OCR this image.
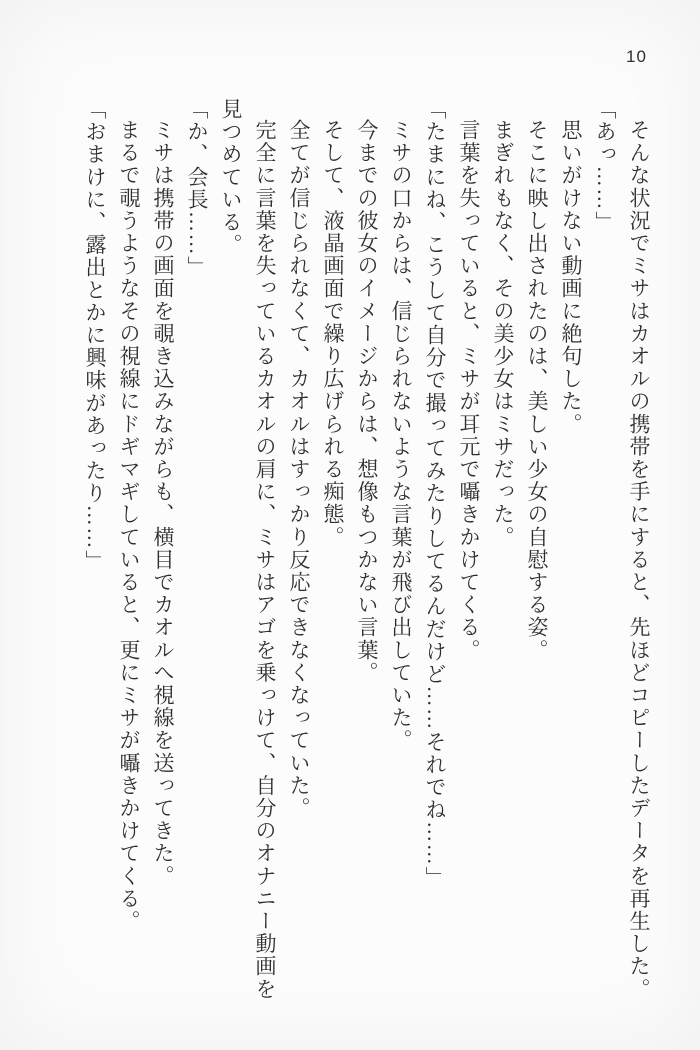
10

そんな状況でミサはカオルの携帯を手にすると、先ほどコピーしたデータを再生した。

「あっ……」

思いがけない動画に絶句した。

そこに映し出されたのは、美しい少女の自慰する姿。

まぎれもなく、その美少女はミサだった。

言葉を失っていると、ミサが耳元で囁きかけてくる。

「たまにね、こうして自分で撮ってみたりしてるんだけど……それでね……」

ミサの口からは、信じられないような言葉が飛び出していた。

今までの彼女のイメージからは、想像もつかない言葉。

そして、液晶画面で繰り広げられる痴態。

全てが信じられなくて、カオルはすっかり反応できなくなっていた。

完全に言葉を失っているカオルの肩に、ミサはアゴを乗っけて、自分のオナニー動画を見つめている。

「か、会長……」

ミサは携帯の画面を覗き込みながらも、横目でカオルへ視線を送ってきた。

まるで覗うようなその視線にドギマギしていると、更にミサが囁きかけてくる。

「おまけに、露出とかに興味があったり……」
